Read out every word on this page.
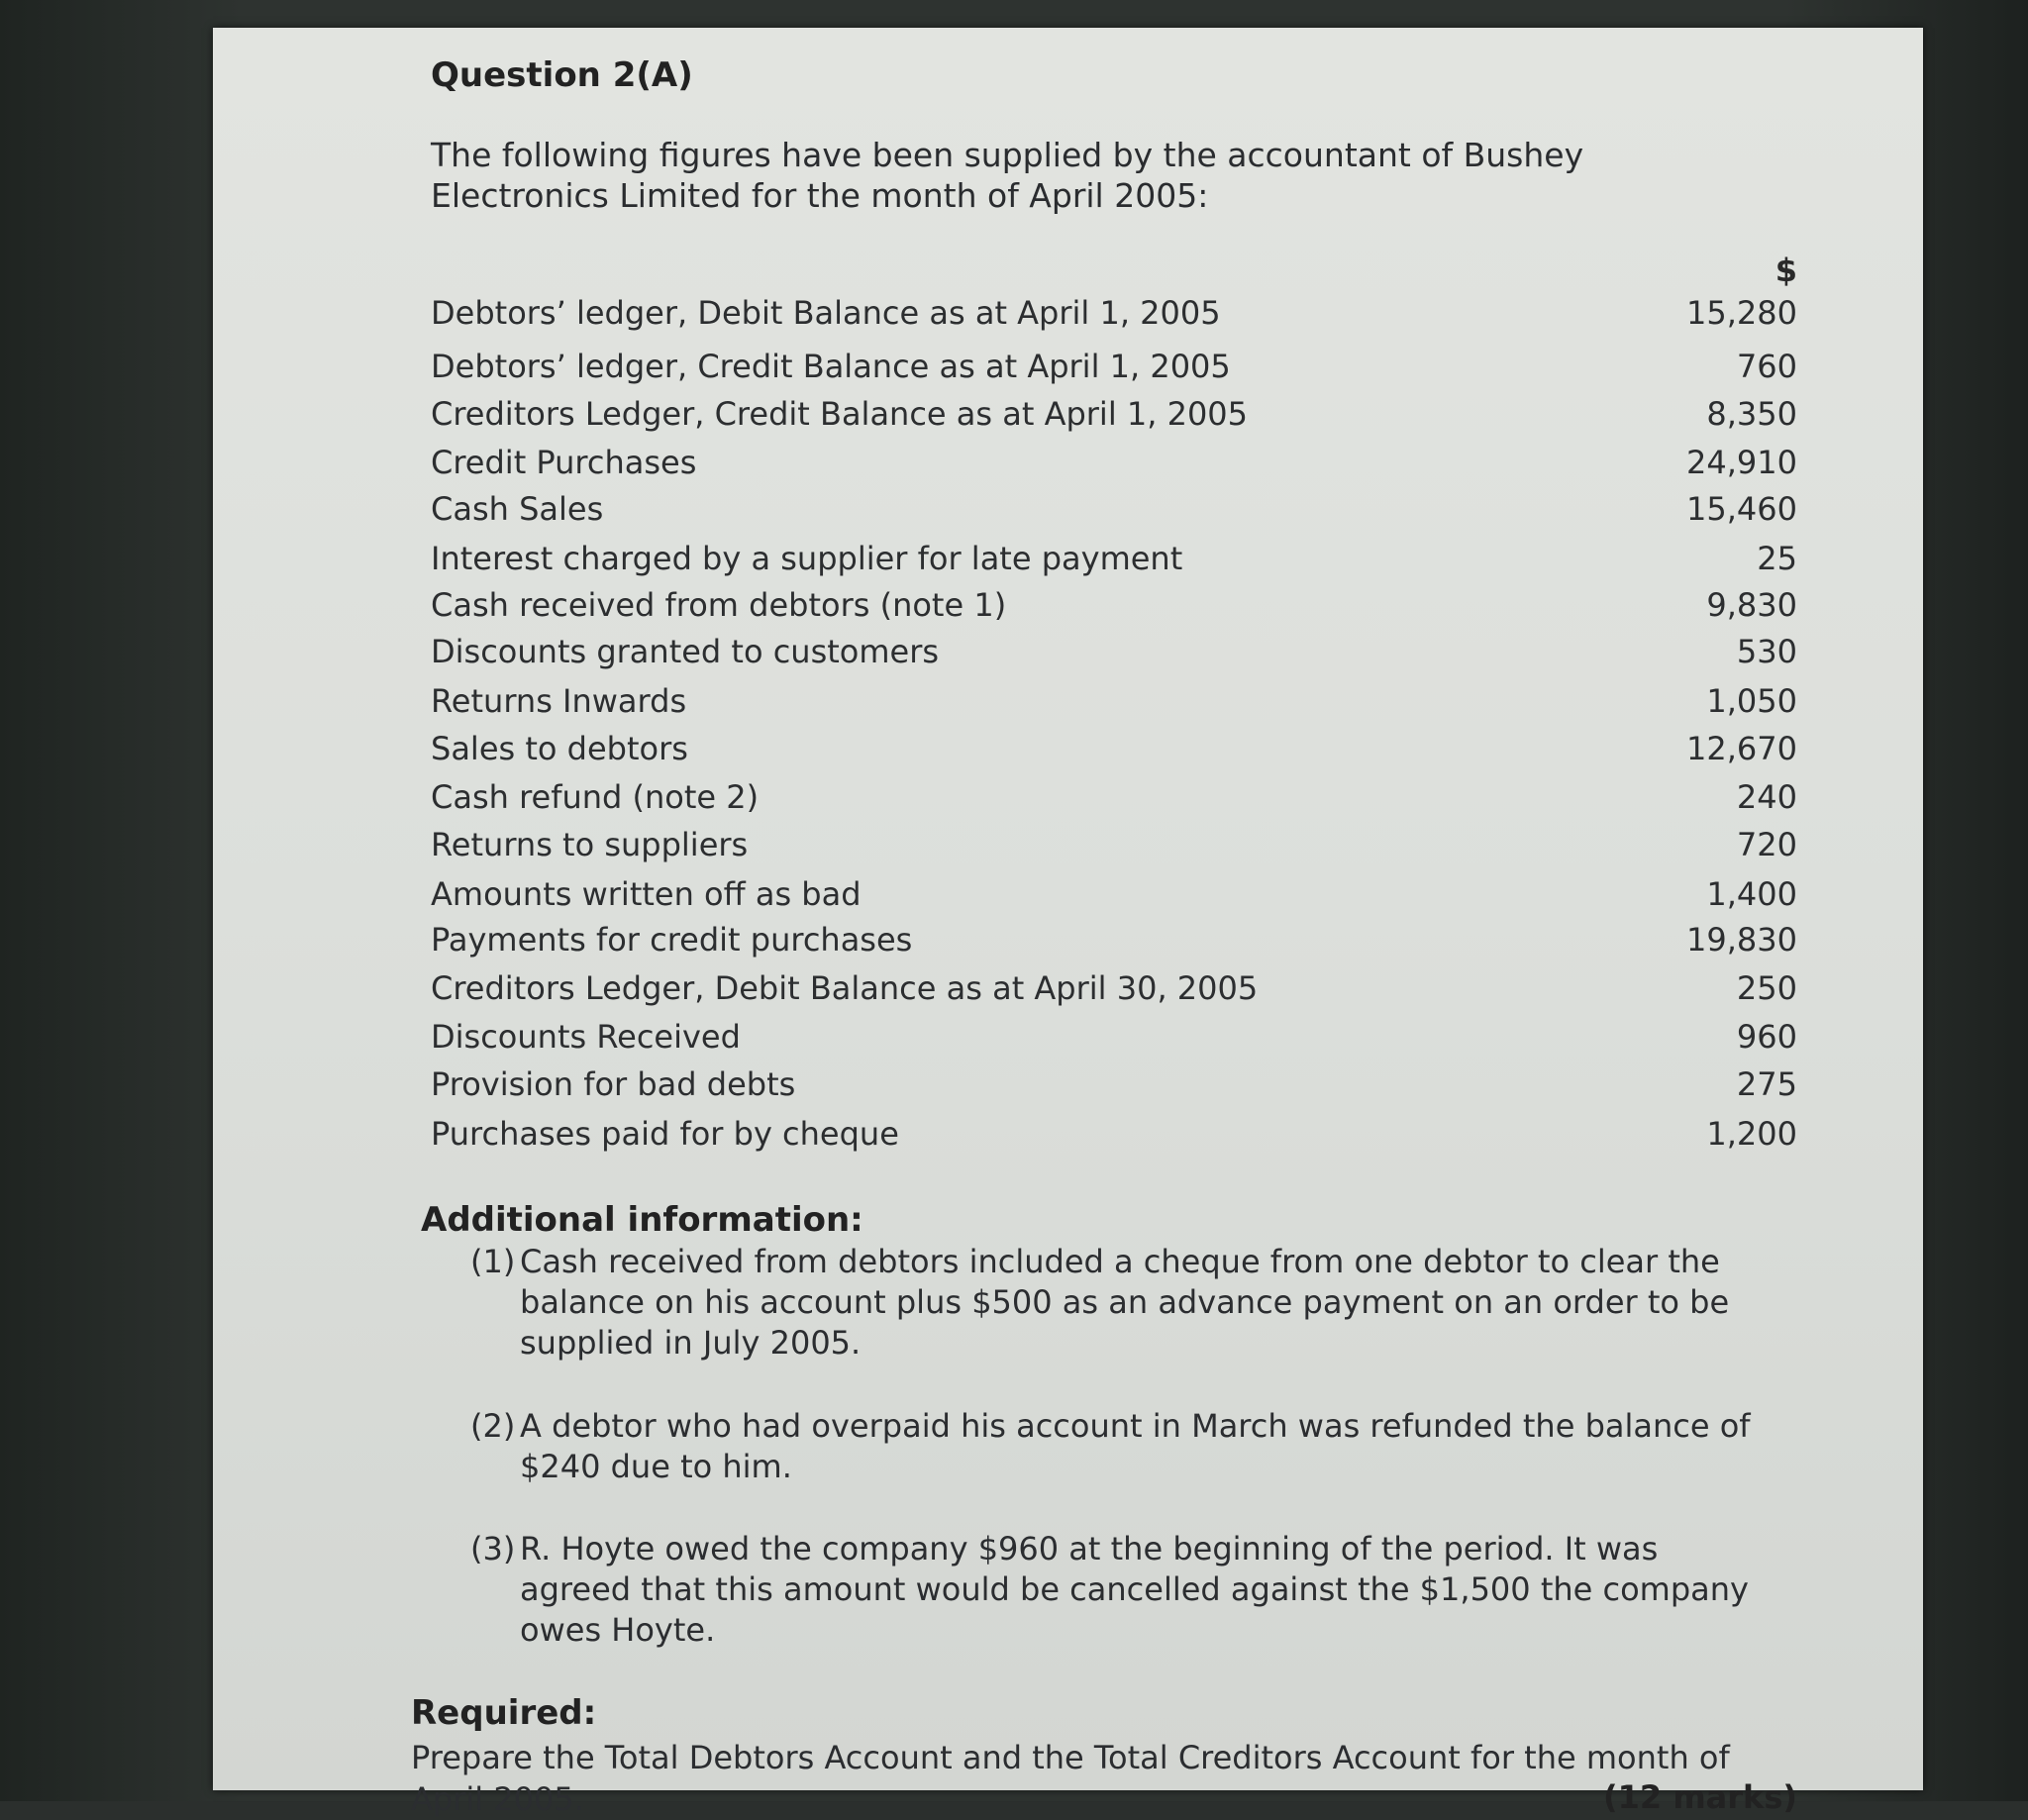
Question 2(A)
The following figures have been supplied by the accountant of Bushey Electronics Limited for the month of April 2005:
$
Debtors’ ledger, Debit Balance as at April 1, 2005	15,280
Debtors’ ledger, Credit Balance as at April 1, 2005	760
Creditors Ledger, Credit Balance as at April 1, 2005	8,350
Credit Purchases	24,910
Cash Sales	15,460
Interest charged by a supplier for late payment	25
Cash received from debtors (note 1)	9,830
Discounts granted to customers	530
Returns Inwards	1,050
Sales to debtors	12,670
Cash refund (note 2)	240
Returns to suppliers	720
Amounts written off as bad	1,400
Payments for credit purchases	19,830
Creditors Ledger, Debit Balance as at April 30, 2005	250
Discounts Received	960
Provision for bad debts	275
Purchases paid for by cheque	1,200
Additional information:
(1) Cash received from debtors included a cheque from one debtor to clear the balance on his account plus $500 as an advance payment on an order to be supplied in July 2005.
(2) A debtor who had overpaid his account in March was refunded the balance of $240 due to him.
(3) R. Hoyte owed the company $960 at the beginning of the period. It was agreed that this amount would be cancelled against the $1,500 the company owes Hoyte.
Required:
Prepare the Total Debtors Account and the Total Creditors Account for the month of April 2005.	(12 marks)
